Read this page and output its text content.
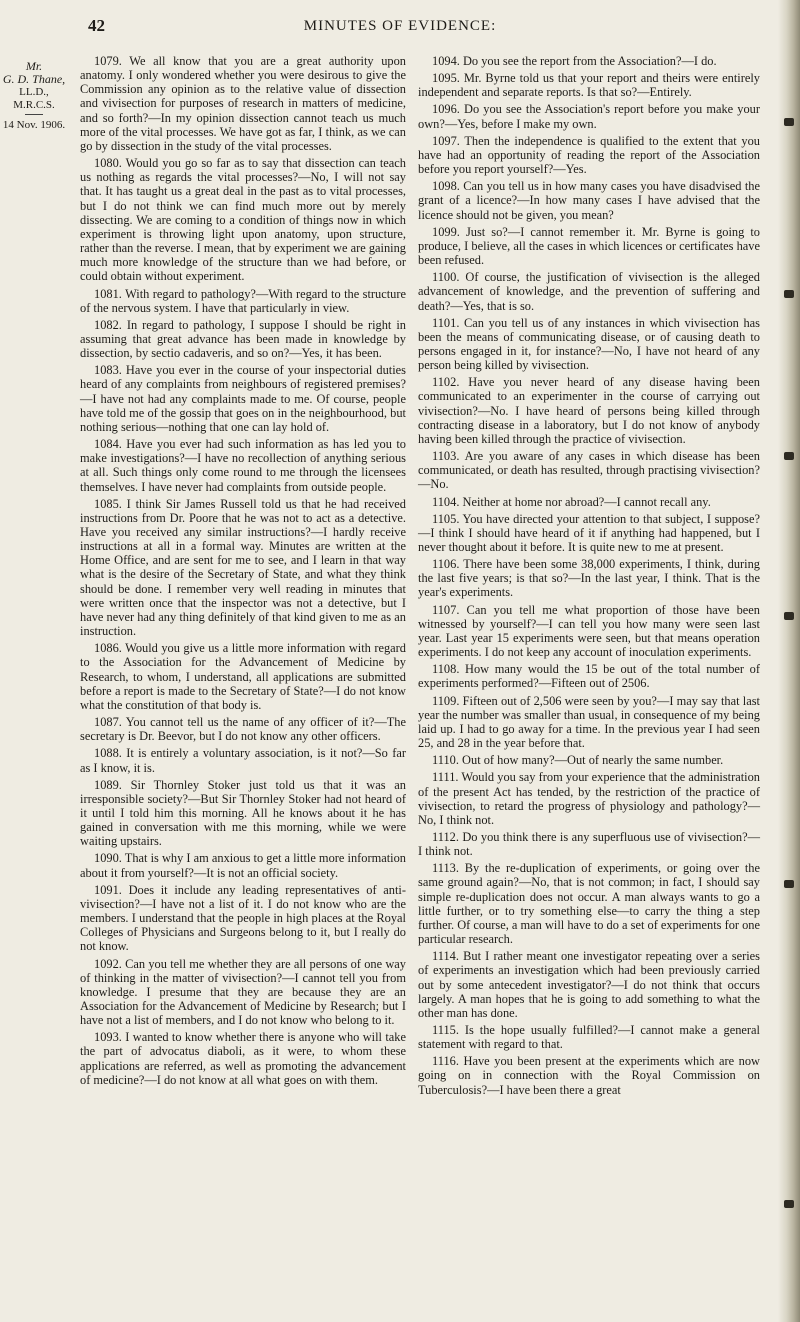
42	MINUTES OF EVIDENCE:
Mr.
G. D. Thane,
LL.D.,
M.R.C.S.
14 Nov. 1906.

1079. We all know that you are a great authority upon anatomy. I only wondered whether you were desirous to give the Commission any opinion as to the relative value of dissection and vivisection for purposes of research in matters of medicine, and so forth?—In my opinion dissection cannot teach us much more of the vital processes. We have got as far, I think, as we can go by dissection in the study of the vital processes.

1080. Would you go so far as to say that dissection can teach us nothing as regards the vital processes?—No, I will not say that. It has taught us a great deal in the past as to vital processes, but I do not think we can find much more out by merely dissecting. We are coming to a condition of things now in which experiment is throwing light upon anatomy, upon structure, rather than the reverse. I mean, that by experiment we are gaining much more knowledge of the structure than we had before, or could obtain without experiment.

1081. With regard to pathology?—With regard to the structure of the nervous system. I have that particularly in view.

1082. In regard to pathology, I suppose I should be right in assuming that great advance has been made in knowledge by dissection, by sectio cadaveris, and so on?—Yes, it has been.

1083. Have you ever in the course of your inspectorial duties heard of any complaints from neighbours of registered premises?—I have not had any complaints made to me. Of course, people have told me of the gossip that goes on in the neighbourhood, but nothing serious—nothing that one can lay hold of.

1084. Have you ever had such information as has led you to make investigations?—I have no recollection of anything serious at all. Such things only come round to me through the licensees themselves. I have never had complaints from outside people.

1085. I think Sir James Russell told us that he had received instructions from Dr. Poore that he was not to act as a detective. Have you received any similar instructions?—I hardly receive instructions at all in a formal way. Minutes are written at the Home Office, and are sent for me to see, and I learn in that way what is the desire of the Secretary of State, and what they think should be done. I remember very well reading in minutes that were written once that the inspector was not a detective, but I have never had any thing definitely of that kind given to me as an instruction.

1086. Would you give us a little more information with regard to the Association for the Advancement of Medicine by Research, to whom, I understand, all applications are submitted before a report is made to the Secretary of State?—I do not know what the constitution of that body is.

1087. You cannot tell us the name of any officer of it?—The secretary is Dr. Beevor, but I do not know any other officers.

1088. It is entirely a voluntary association, is it not?—So far as I know, it is.

1089. Sir Thornley Stoker just told us that it was an irresponsible society?—But Sir Thornley Stoker had not heard of it until I told him this morning. All he knows about it he has gained in conversation with me this morning, while we were waiting upstairs.

1090. That is why I am anxious to get a little more information about it from yourself?—It is not an official society.

1091. Does it include any leading representatives of anti-vivisection?—I have not a list of it. I do not know who are the members. I understand that the people in high places at the Royal Colleges of Physicians and Surgeons belong to it, but I really do not know.

1092. Can you tell me whether they are all persons of one way of thinking in the matter of vivisection?—I cannot tell you from knowledge. I presume that they are because they are an Association for the Advancement of Medicine by Research; but I have not a list of members, and I do not know who belong to it.

1093. I wanted to know whether there is anyone who will take the part of advocatus diaboli, as it were, to whom these applications are referred, as well as promoting the advancement of medicine?—I do not know at all what goes on with them.

1094. Do you see the report from the Association?—I do.

1095. Mr. Byrne told us that your report and theirs were entirely independent and separate reports. Is that so?—Entirely.

1096. Do you see the Association's report before you make your own?—Yes, before I make my own.

1097. Then the independence is qualified to the extent that you have had an opportunity of reading the report of the Association before you report yourself?—Yes.

1098. Can you tell us in how many cases you have disadvised the grant of a licence?—In how many cases I have advised that the licence should not be given, you mean?

1099. Just so?—I cannot remember it. Mr. Byrne is going to produce, I believe, all the cases in which licences or certificates have been refused.

1100. Of course, the justification of vivisection is the alleged advancement of knowledge, and the prevention of suffering and death?—Yes, that is so.

1101. Can you tell us of any instances in which vivisection has been the means of communicating disease, or of causing death to persons engaged in it, for instance?—No, I have not heard of any person being killed by vivisection.

1102. Have you never heard of any disease having been communicated to an experimenter in the course of carrying out vivisection?—No. I have heard of persons being killed through contracting disease in a laboratory, but I do not know of anybody having been killed through the practice of vivisection.

1103. Are you aware of any cases in which disease has been communicated, or death has resulted, through practising vivisection?—No.

1104. Neither at home nor abroad?—I cannot recall any.

1105. You have directed your attention to that subject, I suppose?—I think I should have heard of it if anything had happened, but I never thought about it before. It is quite new to me at present.

1106. There have been some 38,000 experiments, I think, during the last five years; is that so?—In the last year, I think. That is the year's experiments.

1107. Can you tell me what proportion of those have been witnessed by yourself?—I can tell you how many were seen last year. Last year 15 experiments were seen, but that means operation experiments. I do not keep any account of inoculation experiments.

1108. How many would the 15 be out of the total number of experiments performed?—Fifteen out of 2506.

1109. Fifteen out of 2,506 were seen by you?—I may say that last year the number was smaller than usual, in consequence of my being laid up. I had to go away for a time. In the previous year I had seen 25, and 28 in the year before that.

1110. Out of how many?—Out of nearly the same number.

1111. Would you say from your experience that the administration of the present Act has tended, by the restriction of the practice of vivisection, to retard the progress of physiology and pathology?—No, I think not.

1112. Do you think there is any superfluous use of vivisection?—I think not.

1113. By the re-duplication of experiments, or going over the same ground again?—No, that is not common; in fact, I should say simple re-duplication does not occur. A man always wants to go a little further, or to try something else—to carry the thing a step further. Of course, a man will have to do a set of experiments for one particular research.

1114. But I rather meant one investigator repeating over a series of experiments an investigation which had been previously carried out by some antecedent investigator?—I do not think that occurs largely. A man hopes that he is going to add something to what the other man has done.

1115. Is the hope usually fulfilled?—I cannot make a general statement with regard to that.

1116. Have you been present at the experiments which are now going on in connection with the Royal Commission on Tuberculosis?—I have been there a great
